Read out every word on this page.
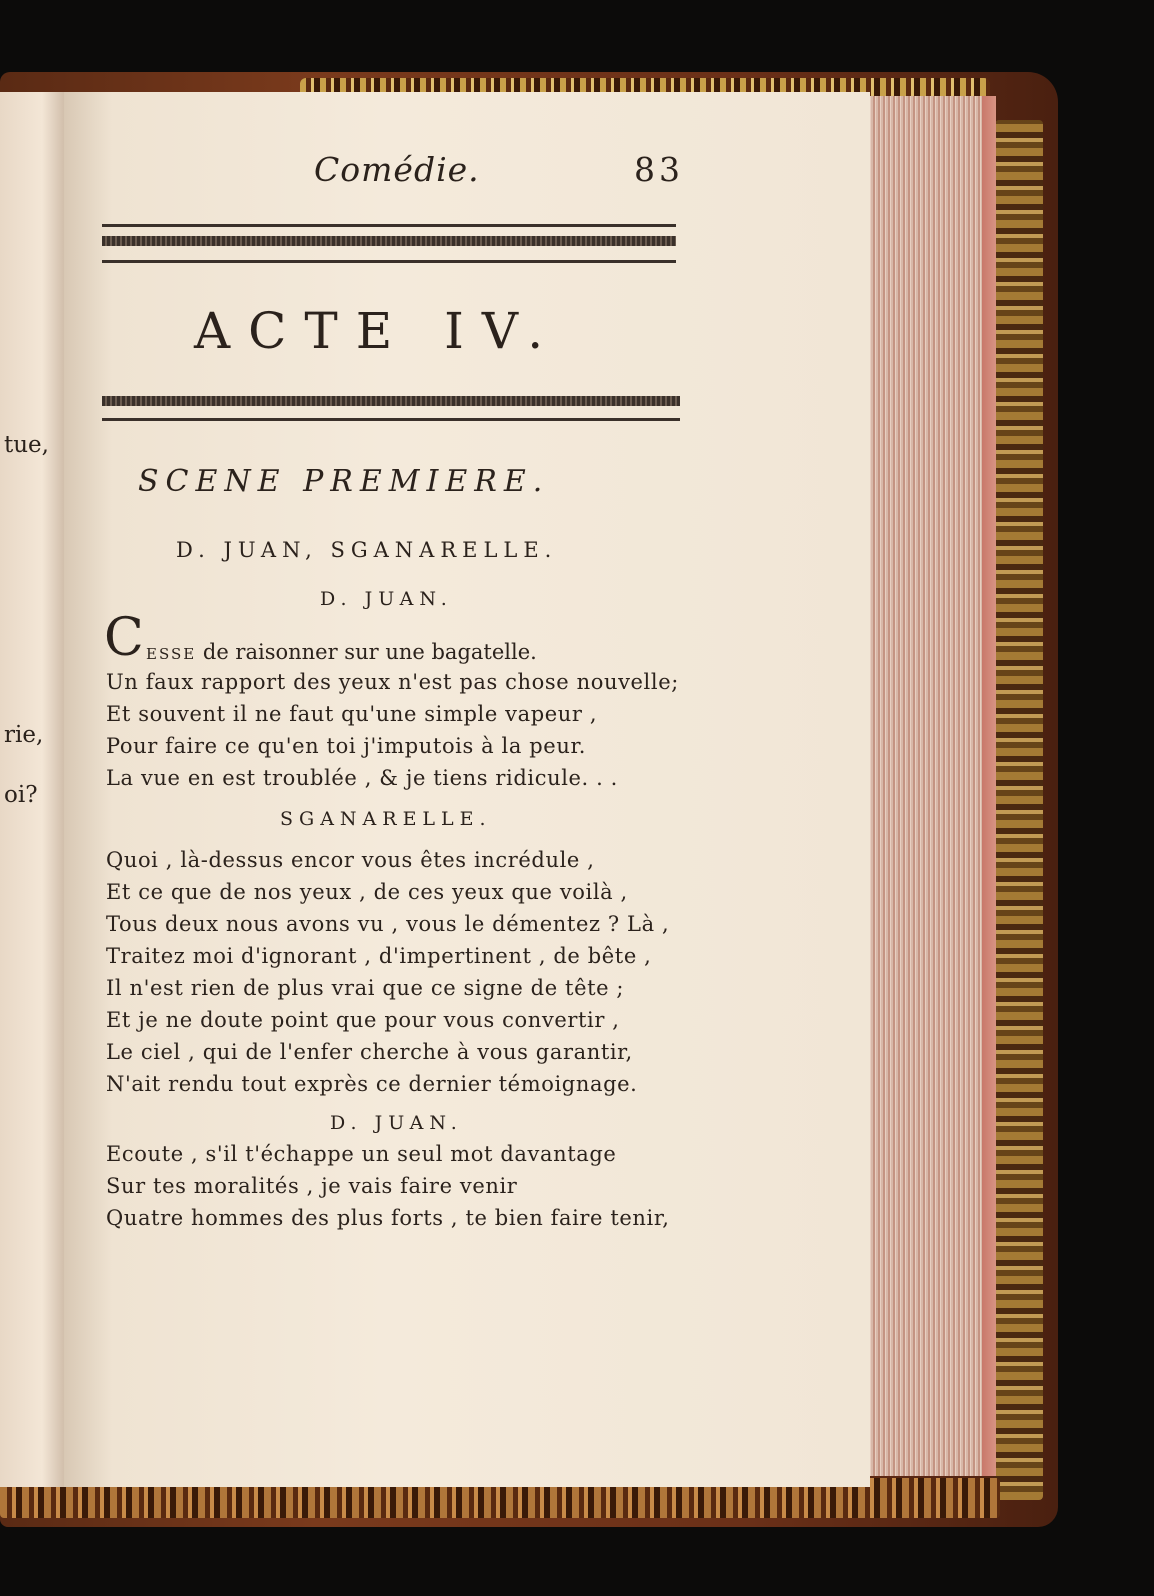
tue,
rie,
oi?
Comédie.	83
ACTE IV.
SCENE PREMIERE.
D. JUAN, SGANARELLE.
D. JUAN.
C ESSE de raisonner sur une bagatelle.
Un faux rapport des yeux n'est pas chose nouvelle;
Et souvent il ne faut qu'une simple vapeur ,
Pour faire ce qu'en toi j'imputois à la peur.
La vue en est troublée , & je tiens ridicule. . .
SGANARELLE.
Quoi , là-dessus encor vous êtes incrédule ,
Et ce que de nos yeux , de ces yeux que voilà ,
Tous deux nous avons vu , vous le démentez ? Là ,
Traitez moi d'ignorant , d'impertinent , de bête ,
Il n'est rien de plus vrai que ce signe de tête ;
Et je ne doute point que pour vous convertir ,
Le ciel , qui de l'enfer cherche à vous garantir,
N'ait rendu tout exprès ce dernier témoignage.
D. JUAN.
Ecoute , s'il t'échappe un seul mot davantage
Sur tes moralités , je vais faire venir
Quatre hommes des plus forts , te bien faire tenir,
